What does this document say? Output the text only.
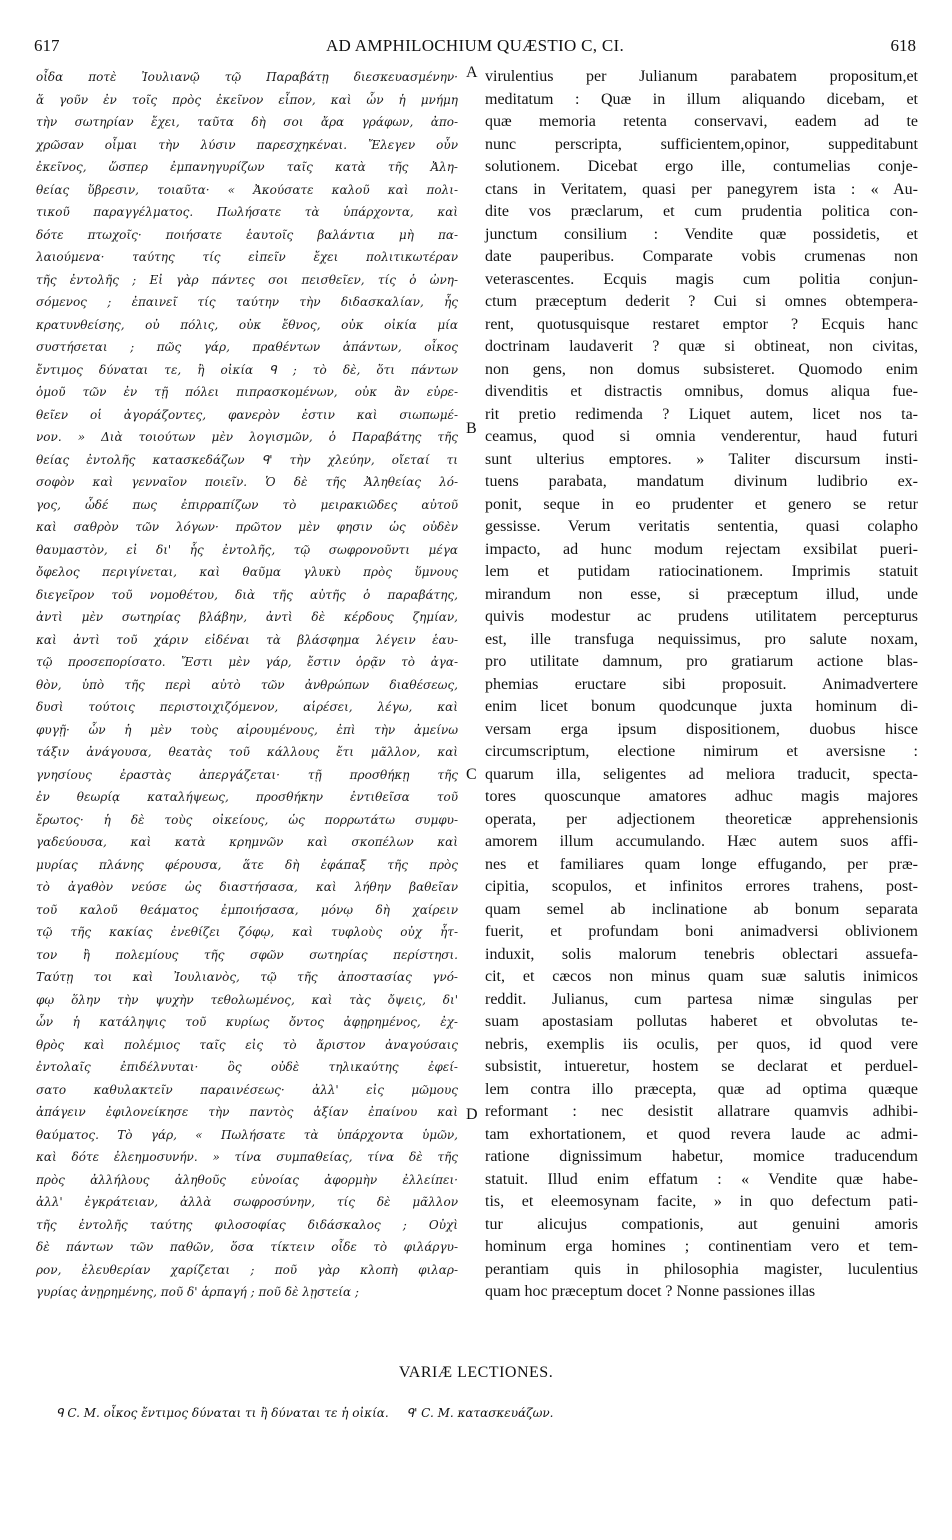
617	AD AMPHILOCHIUM QUÆSTIO C, CI.	618
οἶδα ποτὲ Ἰουλιανῷ τῷ Παραβάτῃ διεσκευασμένην·
ἅ γοῦν ἐν τοῖς πρὸς ἐκεῖνον εἶπον, καὶ ὧν ἡ μνήμη
τὴν σωτηρίαν ἔχει, ταῦτα δὴ σοι ἄρα γράφων, ἀπο-
χρῶσαν οἶμαι τὴν λύσιν παρεσχηκέναι. Ἔλεγεν οὖν
ἐκεῖνος, ὥσπερ ἐμπανηγυρίζων ταῖς κατὰ τῆς Ἀλη-
θείας ὕβρεσιν, τοιαῦτα· « Ἀκούσατε καλοῦ καὶ πολι-
τικοῦ παραγγέλματος. Πωλήσατε τὰ ὑπάρχοντα, καὶ
δότε πτωχοῖς· ποιήσατε ἑαυτοῖς βαλάντια μὴ πα-
λαιούμενα· ταύτης τίς εἰπεῖν ἔχει πολιτικωτέραν
τῆς ἐντολῆς ; Εἰ γὰρ πάντες σοι πεισθεῖεν, τίς ὁ ὠνη-
σόμενος ; ἐπαινεῖ τίς ταύτην τὴν διδασκαλίαν, ἧς
κρατυνθείσης, οὐ πόλις, οὐκ ἔθνος, οὐκ οἰκία μία
συστήσεται ; πῶς γάρ, πραθέντων ἁπάντων, οἶκος
ἔντιμος δύναται τε, ἢ οἰκία ᑫ ; τὸ δὲ, ὅτι πάντων
ὁμοῦ τῶν ἐν τῇ πόλει πιπρασκομένων, οὐκ ἂν εὑρε-
θεῖεν οἱ ἀγοράζοντες, φανερὸν ἐστιν καὶ σιωπωμέ-
νον. » Διὰ τοιούτων μὲν λογισμῶν, ὁ Παραβάτης τῆς
θείας ἐντολῆς κατασκεδάζων ᑫ' τὴν χλεύην, οἴεταί τι
σοφὸν καὶ γενναῖον ποιεῖν. Ὁ δὲ τῆς Ἀληθείας λό-
γος, ὧδέ πως ἐπιρραπίζων τὸ μειρακιῶδες αὐτοῦ
καὶ σαθρὸν τῶν λόγων· πρῶτον μὲν φησιν ὡς οὐδὲν
θαυμαστὸν, εἰ δι' ἧς ἐντολῆς, τῷ σωφρονοῦντι μέγα
ὄφελος περιγίνεται, καὶ θαῦμα γλυκὺ πρὸς ὕμνους
διεγεῖρον τοῦ νομοθέτου, διὰ τῆς αὐτῆς ὁ παραβάτης,
ἀντὶ μὲν σωτηρίας βλάβην, ἀντὶ δὲ κέρδους ζημίαν,
καὶ ἀντὶ τοῦ χάριν εἰδέναι τὰ βλάσφημα λέγειν ἑαυ-
τῷ προσεπορίσατο. Ἔστι μὲν γάρ, ἔστιν ὁρᾷν τὸ ἀγα-
θὸν, ὑπὸ τῆς περὶ αὐτὸ τῶν ἀνθρώπων διαθέσεως,
δυσὶ τούτοις περιστοιχιζόμενον, αἱρέσει, λέγω, καὶ
φυγῇ· ὧν ἡ μὲν τοὺς αἱρουμένους, ἐπὶ τὴν ἀμείνω
τάξιν ἀνάγουσα, θεατὰς τοῦ κάλλους ἔτι μᾶλλον, καὶ
γνησίους ἐραστὰς ἀπεργάζεται· τῇ προσθήκῃ τῆς
ἐν θεωρίᾳ καταλήψεως, προσθήκην ἐντιθεῖσα τοῦ
ἔρωτος· ἡ δὲ τοὺς οἰκείους, ὡς πορρωτάτω συμφυ-
γαδεύουσα, καὶ κατὰ κρημνῶν καὶ σκοπέλων καὶ
μυρίας πλάνης φέρουσα, ἅτε δὴ ἐφάπαξ τῆς πρὸς
τὸ ἀγαθὸν νεύσε ὡς διαστήσασα, καὶ λήθην βαθεῖαν
τοῦ καλοῦ θεάματος ἐμποιήσασα, μόνῳ δὴ χαίρειν
τῷ τῆς κακίας ἐνεθίζει ζόφῳ, καὶ τυφλοὺς οὐχ ἧτ-
τον ἢ πολεμίους τῆς σφῶν σωτηρίας περίστησι.
Ταύτῃ τοι καὶ Ἰουλιανὸς, τῷ τῆς ἀποστασίας γνό-
φῳ ὅλην τὴν ψυχὴν τεθολωμένος, καὶ τὰς ὄψεις, δι'
ὧν ἡ κατάληψις τοῦ κυρίως ὄντος ἀφῃρημένος, ἐχ-
θρὸς καὶ πολέμιος ταῖς εἰς τὸ ἄριστον ἀναγούσαις
ἐντολαῖς ἐπιδέλνυται· ὃς οὐδὲ τηλικαύτης ἐφεί-
σατο καθυλακτεῖν παραινέσεως· ἀλλ' εἰς μῶμους
ἀπάγειν ἐφιλονείκησε τὴν παντὸς ἀξίαν ἐπαίνου καὶ
θαύματος. Τὸ γάρ, « Πωλήσατε τὰ ὑπάρχοντα ὑμῶν,
καὶ δότε ἐλεημοσυνήν. » τίνα συμπαθείας, τίνα δὲ τῆς
πρὸς ἀλλήλους ἀληθοῦς εὐνοίας ἀφορμὴν ἐλλείπει·
ἀλλ' ἐγκράτειαν, ἀλλὰ σωφροσύνην, τίς δὲ μᾶλλον
τῆς ἐντολῆς ταύτης φιλοσοφίας διδάσκαλος ; Οὐχὶ
δὲ πάντων τῶν παθῶν, ὅσα τίκτειν οἶδε τὸ φιλάργυ-
ρον, ἐλευθερίαν χαρίζεται ; ποῦ γὰρ κλοπὴ φιλαρ-
γυρίας ἀνῃρημένης, ποῦ δ' ἁρπαγή ; ποῦ δὲ λῃστεία ;
virulentius per Julianum parabatem propositum,et
meditatum : Quæ in illum aliquando dicebam, et
quæ memoria retenta conservavi, eadem ad te
nunc perscripta, sufficientem,opinor, suppeditabunt
solutionem. Dicebat ergo ille, contumelias conje-
ctans in Veritatem, quasi per panegyrem ista : « Au-
dite vos præclarum, et cum prudentia politica con-
junctum consilium : Vendite quæ possidetis, et
date pauperibus. Comparate vobis crumenas non
veterascentes. Ecquis magis cum politia conjun-
ctum præceptum dederit ? Cui si omnes obtempera-
rent, quotusquisque restaret emptor ? Ecquis hanc
doctrinam laudaverit ? quæ si obtineat, non civitas,
non gens, non domus subsisteret. Quomodo enim
divenditis et distractis omnibus, domus aliqua fue-
rit pretio redimenda ? Liquet autem, licet nos ta-
ceamus, quod si omnia venderentur, haud futuri
sunt ulterius emptores. » Taliter discursum insti-
tuens parabata, mandatum divinum ludibrio ex-
ponit, seque in eo prudenter et genero se retur
gessisse. Verum veritatis sententia, quasi colapho
impacto, ad hunc modum rejectam exsibilat pueri-
lem et putidam ratiocinationem. Imprimis statuit
mirandum non esse, si præceptum illud, unde
quivis modestur ac prudens utilitatem percepturus
est, ille transfuga nequissimus, pro salute noxam,
pro utilitate damnum, pro gratiarum actione blas-
phemias eructare sibi proposuit. Animadvertere
enim licet bonum quodcunque juxta hominum di-
versam erga ipsum dispositionem, duobus hisce
circumscriptum, electione nimirum et aversisne :
quarum illa, seligentes ad meliora traducit, specta-
tores quoscunque amatores adhuc magis majores
operata, per adjectionem theoreticæ apprehensionis
amorem illum accumulando. Hæc autem suos affi-
nes et familiares quam longe effugando, per præ-
cipitia, scopulos, et infinitos errores trahens, post-
quam semel ab inclinatione ab bonum separata
fuerit, et profundam boni animadversi oblivionem
induxit, solis malorum tenebris oblectari assuefa-
cit, et cæcos non minus quam suæ salutis inimicos
reddit. Julianus, cum partesa nimæ singulas per
suam apostasiam pollutas haberet et obvolutas te-
nebris, exemplis iis oculis, per quos, id quod vere
subsistit, intueretur, hostem se declarat et perduel-
lem contra illo præcepta, quæ ad optima quæque
reformant : nec desistit allatrare quamvis adhibi-
tam exhortationem, et quod revera laude ac admi-
ratione dignissimum habetur, momice traducendum
statuit. Illud enim effatum : « Vendite quæ habe-
tis, et eleemosynam facite, » in quo defectum pati-
tur alicujus compationis, aut genuini amoris
hominum erga homines ; continentiam vero et tem-
perantiam quis in philosophia magister, luculentius
quam hoc præceptum docet ? Nonne passiones illas
A
B
C
D
VARIÆ LECTIONES.
ᑫ C. M. οἶκος ἔντιμος δύναται τι ἢ δύναται τε ἡ οἰκία. ᑫ' C. M. κατασκευάζων.
